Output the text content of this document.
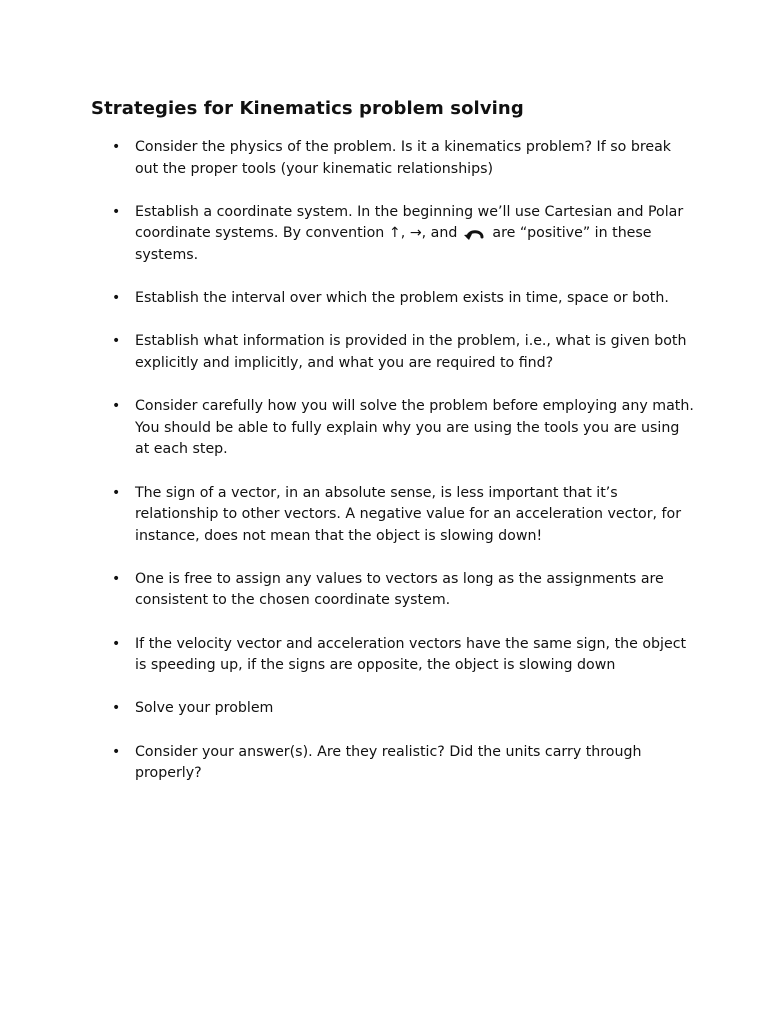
Strategies for Kinematics problem solving
• Consider the physics of the problem. Is it a kinematics problem? If so break out the proper tools (your kinematic relationships)
• Establish a coordinate system. In the beginning we’ll use Cartesian and Polar coordinate systems. By convention ↑, →, and are “positive” in these systems.
• Establish the interval over which the problem exists in time, space or both.
• Establish what information is provided in the problem, i.e., what is given both explicitly and implicitly, and what you are required to find?
• Consider carefully how you will solve the problem before employing any math. You should be able to fully explain why you are using the tools you are using at each step.
• The sign of a vector, in an absolute sense, is less important that it’s relationship to other vectors. A negative value for an acceleration vector, for instance, does not mean that the object is slowing down!
• One is free to assign any values to vectors as long as the assignments are consistent to the chosen coordinate system.
• If the velocity vector and acceleration vectors have the same sign, the object is speeding up, if the signs are opposite, the object is slowing down
• Solve your problem
• Consider your answer(s). Are they realistic? Did the units carry through properly?
